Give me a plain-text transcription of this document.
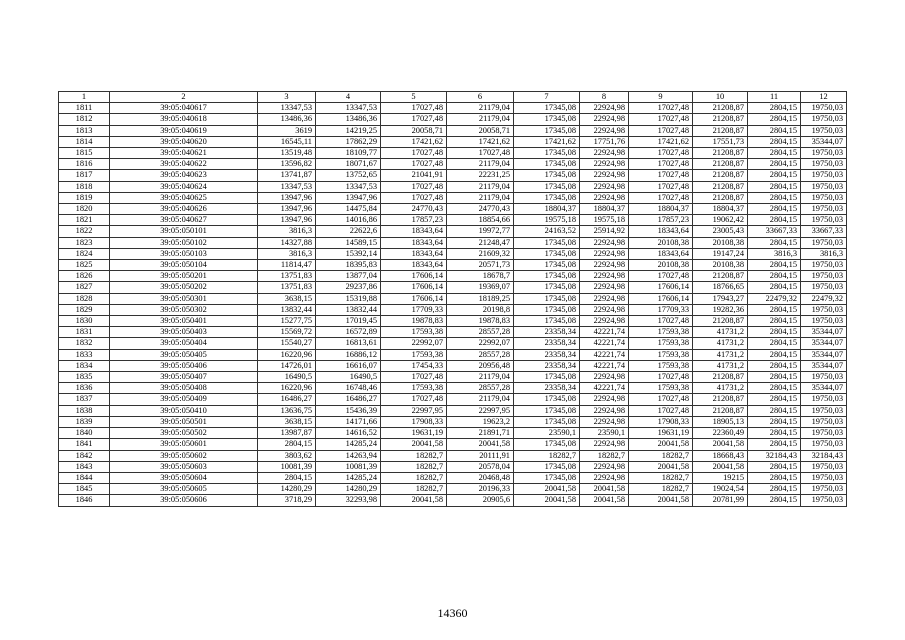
1	2	3	4	5	6	7	8	9	10	11	12
1811	39:05:040617	13347,53	13347,53	17027,48	21179,04	17345,08	22924,98	17027,48	21208,87	2804,15	19750,03
1812	39:05:040618	13486,36	13486,36	17027,48	21179,04	17345,08	22924,98	17027,48	21208,87	2804,15	19750,03
1813	39:05:040619	3619	14219,25	20058,71	20058,71	17345,08	22924,98	17027,48	21208,87	2804,15	19750,03
1814	39:05:040620	16545,11	17862,29	17421,62	17421,62	17421,62	17751,76	17421,62	17551,73	2804,15	35344,07
1815	39:05:040621	13519,48	18109,77	17027,48	17027,48	17345,08	22924,98	17027,48	21208,87	2804,15	19750,03
1816	39:05:040622	13596,82	18071,67	17027,48	21179,04	17345,08	22924,98	17027,48	21208,87	2804,15	19750,03
1817	39:05:040623	13741,87	13752,65	21041,91	22231,25	17345,08	22924,98	17027,48	21208,87	2804,15	19750,03
1818	39:05:040624	13347,53	13347,53	17027,48	21179,04	17345,08	22924,98	17027,48	21208,87	2804,15	19750,03
1819	39:05:040625	13947,96	13947,96	17027,48	21179,04	17345,08	22924,98	17027,48	21208,87	2804,15	19750,03
1820	39:05:040626	13947,96	14475,84	24770,43	24770,43	18804,37	18804,37	18804,37	18804,37	2804,15	19750,03
1821	39:05:040627	13947,96	14016,86	17857,23	18854,66	19575,18	19575,18	17857,23	19062,42	2804,15	19750,03
1822	39:05:050101	3816,3	22622,6	18343,64	19972,77	24163,52	25914,92	18343,64	23005,43	33667,33	33667,33
1823	39:05:050102	14327,88	14589,15	18343,64	21248,47	17345,08	22924,98	20108,38	20108,38	2804,15	19750,03
1824	39:05:050103	3816,3	15392,14	18343,64	21609,32	17345,08	22924,98	18343,64	19147,24	3816,3	3816,3
1825	39:05:050104	11814,47	18395,83	18343,64	20571,73	17345,08	22924,98	20108,38	20108,38	2804,15	19750,03
1826	39:05:050201	13751,83	13877,04	17606,14	18678,7	17345,08	22924,98	17027,48	21208,87	2804,15	19750,03
1827	39:05:050202	13751,83	29237,86	17606,14	19369,07	17345,08	22924,98	17606,14	18766,65	2804,15	19750,03
1828	39:05:050301	3638,15	15319,88	17606,14	18189,25	17345,08	22924,98	17606,14	17943,27	22479,32	22479,32
1829	39:05:050302	13832,44	13832,44	17709,33	20198,8	17345,08	22924,98	17709,33	19282,36	2804,15	19750,03
1830	39:05:050401	15277,75	17019,45	19878,83	19878,83	17345,08	22924,98	17027,48	21208,87	2804,15	19750,03
1831	39:05:050403	15569,72	16572,89	17593,38	28557,28	23358,34	42221,74	17593,38	41731,2	2804,15	35344,07
1832	39:05:050404	15540,27	16813,61	22992,07	22992,07	23358,34	42221,74	17593,38	41731,2	2804,15	35344,07
1833	39:05:050405	16220,96	16886,12	17593,38	28557,28	23358,34	42221,74	17593,38	41731,2	2804,15	35344,07
1834	39:05:050406	14726,01	16616,07	17454,33	20956,48	23358,34	42221,74	17593,38	41731,2	2804,15	35344,07
1835	39:05:050407	16490,5	16490,5	17027,48	21179,04	17345,08	22924,98	17027,48	21208,87	2804,15	19750,03
1836	39:05:050408	16220,96	16748,46	17593,38	28557,28	23358,34	42221,74	17593,38	41731,2	2804,15	35344,07
1837	39:05:050409	16486,27	16486,27	17027,48	21179,04	17345,08	22924,98	17027,48	21208,87	2804,15	19750,03
1838	39:05:050410	13636,75	15436,39	22997,95	22997,95	17345,08	22924,98	17027,48	21208,87	2804,15	19750,03
1839	39:05:050501	3638,15	14171,66	17908,33	19623,2	17345,08	22924,98	17908,33	18905,13	2804,15	19750,03
1840	39:05:050502	13987,87	14616,52	19631,19	21891,71	23590,1	23590,1	19631,19	22360,49	2804,15	19750,03
1841	39:05:050601	2804,15	14285,24	20041,58	20041,58	17345,08	22924,98	20041,58	20041,58	2804,15	19750,03
1842	39:05:050602	3803,62	14263,94	18282,7	20111,91	18282,7	18282,7	18282,7	18668,43	32184,43	32184,43
1843	39:05:050603	10081,39	10081,39	18282,7	20578,04	17345,08	22924,98	20041,58	20041,58	2804,15	19750,03
1844	39:05:050604	2804,15	14285,24	18282,7	20468,48	17345,08	22924,98	18282,7	19215	2804,15	19750,03
1845	39:05:050605	14280,29	14280,29	18282,7	20196,33	20041,58	20041,58	18282,7	19024,54	2804,15	19750,03
1846	39:05:050606	3718,29	32293,98	20041,58	20905,6	20041,58	20041,58	20041,58	20781,99	2804,15	19750,03
14360
